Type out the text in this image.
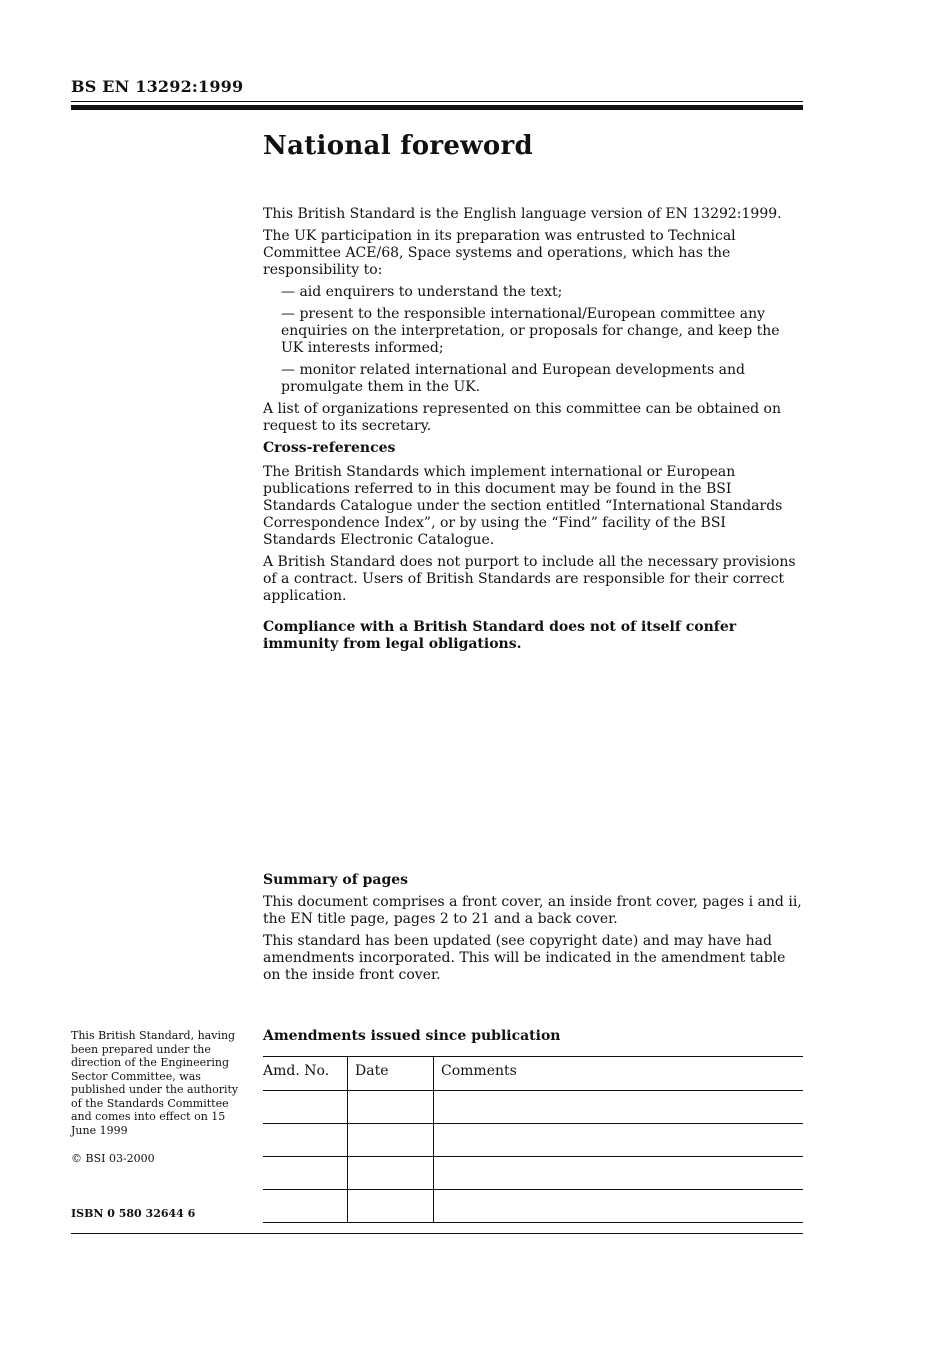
BS EN 13292:1999
National foreword

This British Standard is the English language version of EN 13292:1999.

The UK participation in its preparation was entrusted to Technical Committee ACE/68, Space systems and operations, which has the responsibility to:

— aid enquirers to understand the text;

— present to the responsible international/European committee any enquiries on the interpretation, or proposals for change, and keep the UK interests informed;

— monitor related international and European developments and promulgate them in the UK.

A list of organizations represented on this committee can be obtained on request to its secretary.

Cross-references

The British Standards which implement international or European publications referred to in this document may be found in the BSI Standards Catalogue under the section entitled “International Standards Correspondence Index”, or by using the “Find” facility of the BSI Standards Electronic Catalogue.

A British Standard does not purport to include all the necessary provisions of a contract. Users of British Standards are responsible for their correct application.

Compliance with a British Standard does not of itself confer immunity from legal obligations.

Summary of pages

This document comprises a front cover, an inside front cover, pages i and ii, the EN title page, pages 2 to 21 and a back cover.

This standard has been updated (see copyright date) and may have had amendments incorporated. This will be indicated in the amendment table on the inside front cover.

This British Standard, having been prepared under the direction of the Engineering Sector Committee, was published under the authority of the Standards Committee and comes into effect on 15 June 1999

© BSI 03-2000

ISBN 0 580 32644 6
Amendments issued since publication
Amd. No.	Date	Comments
